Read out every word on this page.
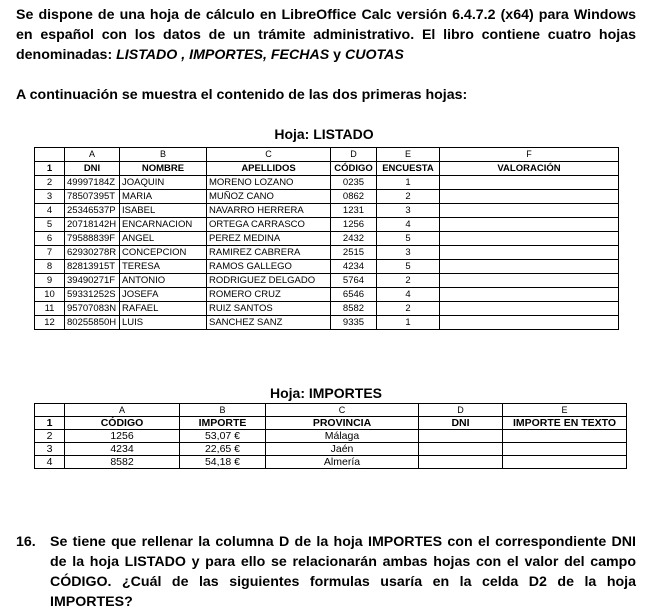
Se dispone de una hoja de cálculo en LibreOffice Calc versión 6.4.7.2 (x64) para Windows en español con los datos de un trámite administrativo. El libro contiene cuatro hojas denominadas: LISTADO , IMPORTES, FECHAS y CUOTAS
A continuación se muestra el contenido de las dos primeras hojas:
Hoja: LISTADO
	A	B	C	D	E	F
1	DNI	NOMBRE	APELLIDOS	CÓDIGO	ENCUESTA	VALORACIÓN
2	49997184Z	JOAQUIN	MORENO LOZANO	0235	1	
3	78507395T	MARIA	MUÑOZ CANO	0862	2	
4	25346537P	ISABEL	NAVARRO HERRERA	1231	3	
5	20718142H	ENCARNACION	ORTEGA CARRASCO	1256	4	
6	79588839F	ANGEL	PEREZ MEDINA	2432	5	
7	62930278R	CONCEPCION	RAMIREZ CABRERA	2515	3	
8	82813915T	TERESA	RAMOS GALLEGO	4234	5	
9	39490271F	ANTONIO	RODRIGUEZ DELGADO	5764	2	
10	59331252S	JOSEFA	ROMERO CRUZ	6546	4	
11	95707083N	RAFAEL	RUIZ SANTOS	8582	2	
12	80255850H	LUIS	SANCHEZ SANZ	9335	1	
Hoja: IMPORTES
	A	B	C	D	E
1	CÓDIGO	IMPORTE	PROVINCIA	DNI	IMPORTE EN TEXTO
2	1256	53,07 €	Málaga		
3	4234	22,65 €	Jaén		
4	8582	54,18 €	Almería		
16. Se tiene que rellenar la columna D de la hoja IMPORTES con el correspondiente DNI de la hoja LISTADO y para ello se relacionarán ambas hojas con el valor del campo CÓDIGO. ¿Cuál de las siguientes formulas usaría en la celda D2 de la hoja IMPORTES?
